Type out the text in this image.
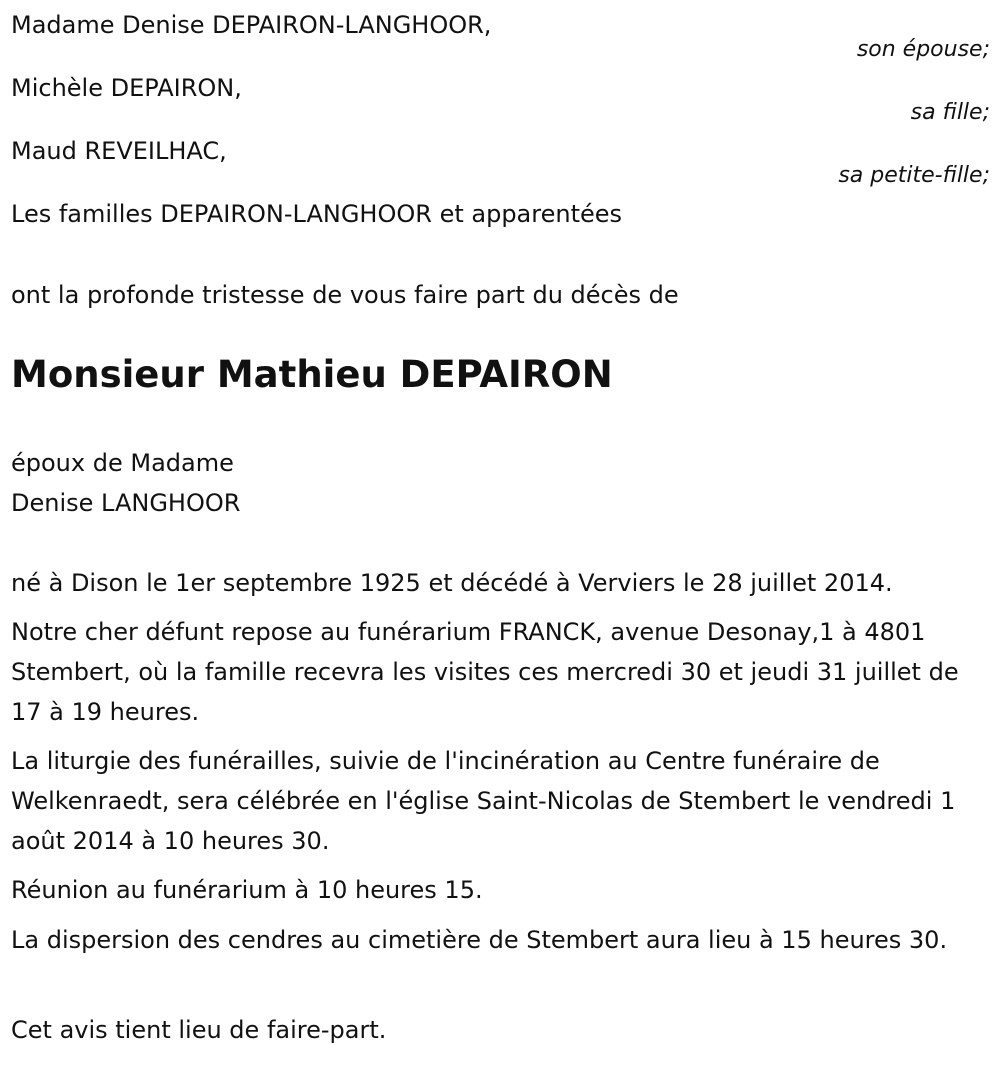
Madame Denise DEPAIRON-LANGHOOR,
son épouse;
Michèle DEPAIRON,
sa fille;
Maud REVEILHAC,
sa petite-fille;
Les familles DEPAIRON-LANGHOOR et apparentées
ont la profonde tristesse de vous faire part du décès de
Monsieur Mathieu DEPAIRON
époux de Madame
Denise LANGHOOR

né à Dison le 1er septembre 1925 et décédé à Verviers le 28 juillet 2014.

Notre cher défunt repose au funérarium FRANCK, avenue Desonay,1 à 4801 Stembert, où la famille recevra les visites ces mercredi 30 et jeudi 31 juillet de 17 à 19 heures.

La liturgie des funérailles, suivie de l'incinération au Centre funéraire de Welkenraedt, sera célébrée en l'église Saint-Nicolas de Stembert le vendredi 1 août 2014 à 10 heures 30.

Réunion au funérarium à 10 heures 15.

La dispersion des cendres au cimetière de Stembert aura lieu à 15 heures 30.

Cet avis tient lieu de faire-part.
